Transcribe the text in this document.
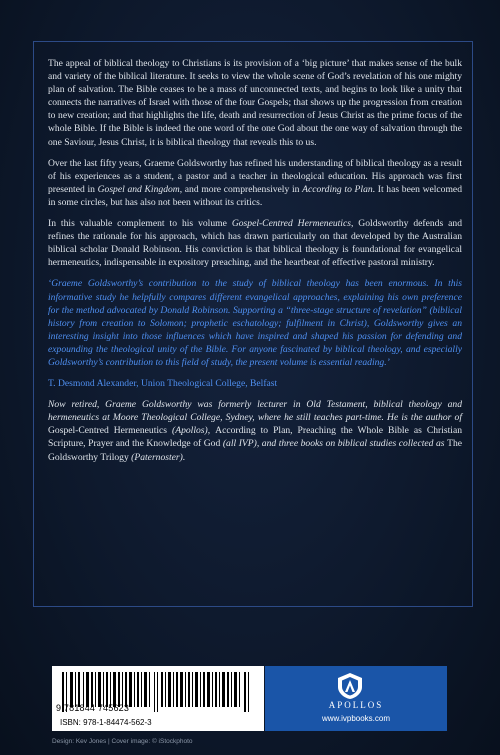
The appeal of biblical theology to Christians is its provision of a ‘big picture’ that makes sense of the bulk and variety of the biblical literature. It seeks to view the whole scene of God’s revelation of his one mighty plan of salvation. The Bible ceases to be a mass of unconnected texts, and begins to look like a unity that connects the narratives of Israel with those of the four Gospels; that shows up the progression from creation to new creation; and that highlights the life, death and resurrection of Jesus Christ as the prime focus of the whole Bible. If the Bible is indeed the one word of the one God about the one way of salvation through the one Saviour, Jesus Christ, it is biblical theology that reveals this to us.

Over the last fifty years, Graeme Goldsworthy has refined his understanding of biblical theology as a result of his experiences as a student, a pastor and a teacher in theological education. His approach was first presented in Gospel and Kingdom, and more comprehensively in According to Plan. It has been welcomed in some circles, but has also not been without its critics.

In this valuable complement to his volume Gospel-Centred Hermeneutics, Goldsworthy defends and refines the rationale for his approach, which has drawn particularly on that developed by the Australian biblical scholar Donald Robinson. His conviction is that biblical theology is foundational for evangelical hermeneutics, indispensable in expository preaching, and the heartbeat of effective pastoral ministry.

‘Graeme Goldsworthy’s contribution to the study of biblical theology has been enormous. In this informative study he helpfully compares different evangelical approaches, explaining his own preference for the method advocated by Donald Robinson. Supporting a “three-stage structure of revelation” (biblical history from creation to Solomon; prophetic eschatology; fulfilment in Christ), Goldsworthy gives an interesting insight into those influences which have inspired and shaped his passion for defending and expounding the theological unity of the Bible. For anyone fascinated by biblical theology, and especially Goldsworthy’s contribution to this field of study, the present volume is essential reading.’

T. Desmond Alexander, Union Theological College, Belfast

Now retired, Graeme Goldsworthy was formerly lecturer in Old Testament, biblical theology and hermeneutics at Moore Theological College, Sydney, where he still teaches part-time. He is the author of Gospel-Centred Hermeneutics (Apollos), According to Plan, Preaching the Whole Bible as Christian Scripture, Prayer and the Knowledge of God (all IVP), and three books on biblical studies collected as The Goldsworthy Trilogy (Paternoster).

9 781844 745623
ISBN: 978-1-84474-562-3
APOLLOS
www.ivpbooks.com
Design: Kev Jones | Cover image: © iStockphoto
